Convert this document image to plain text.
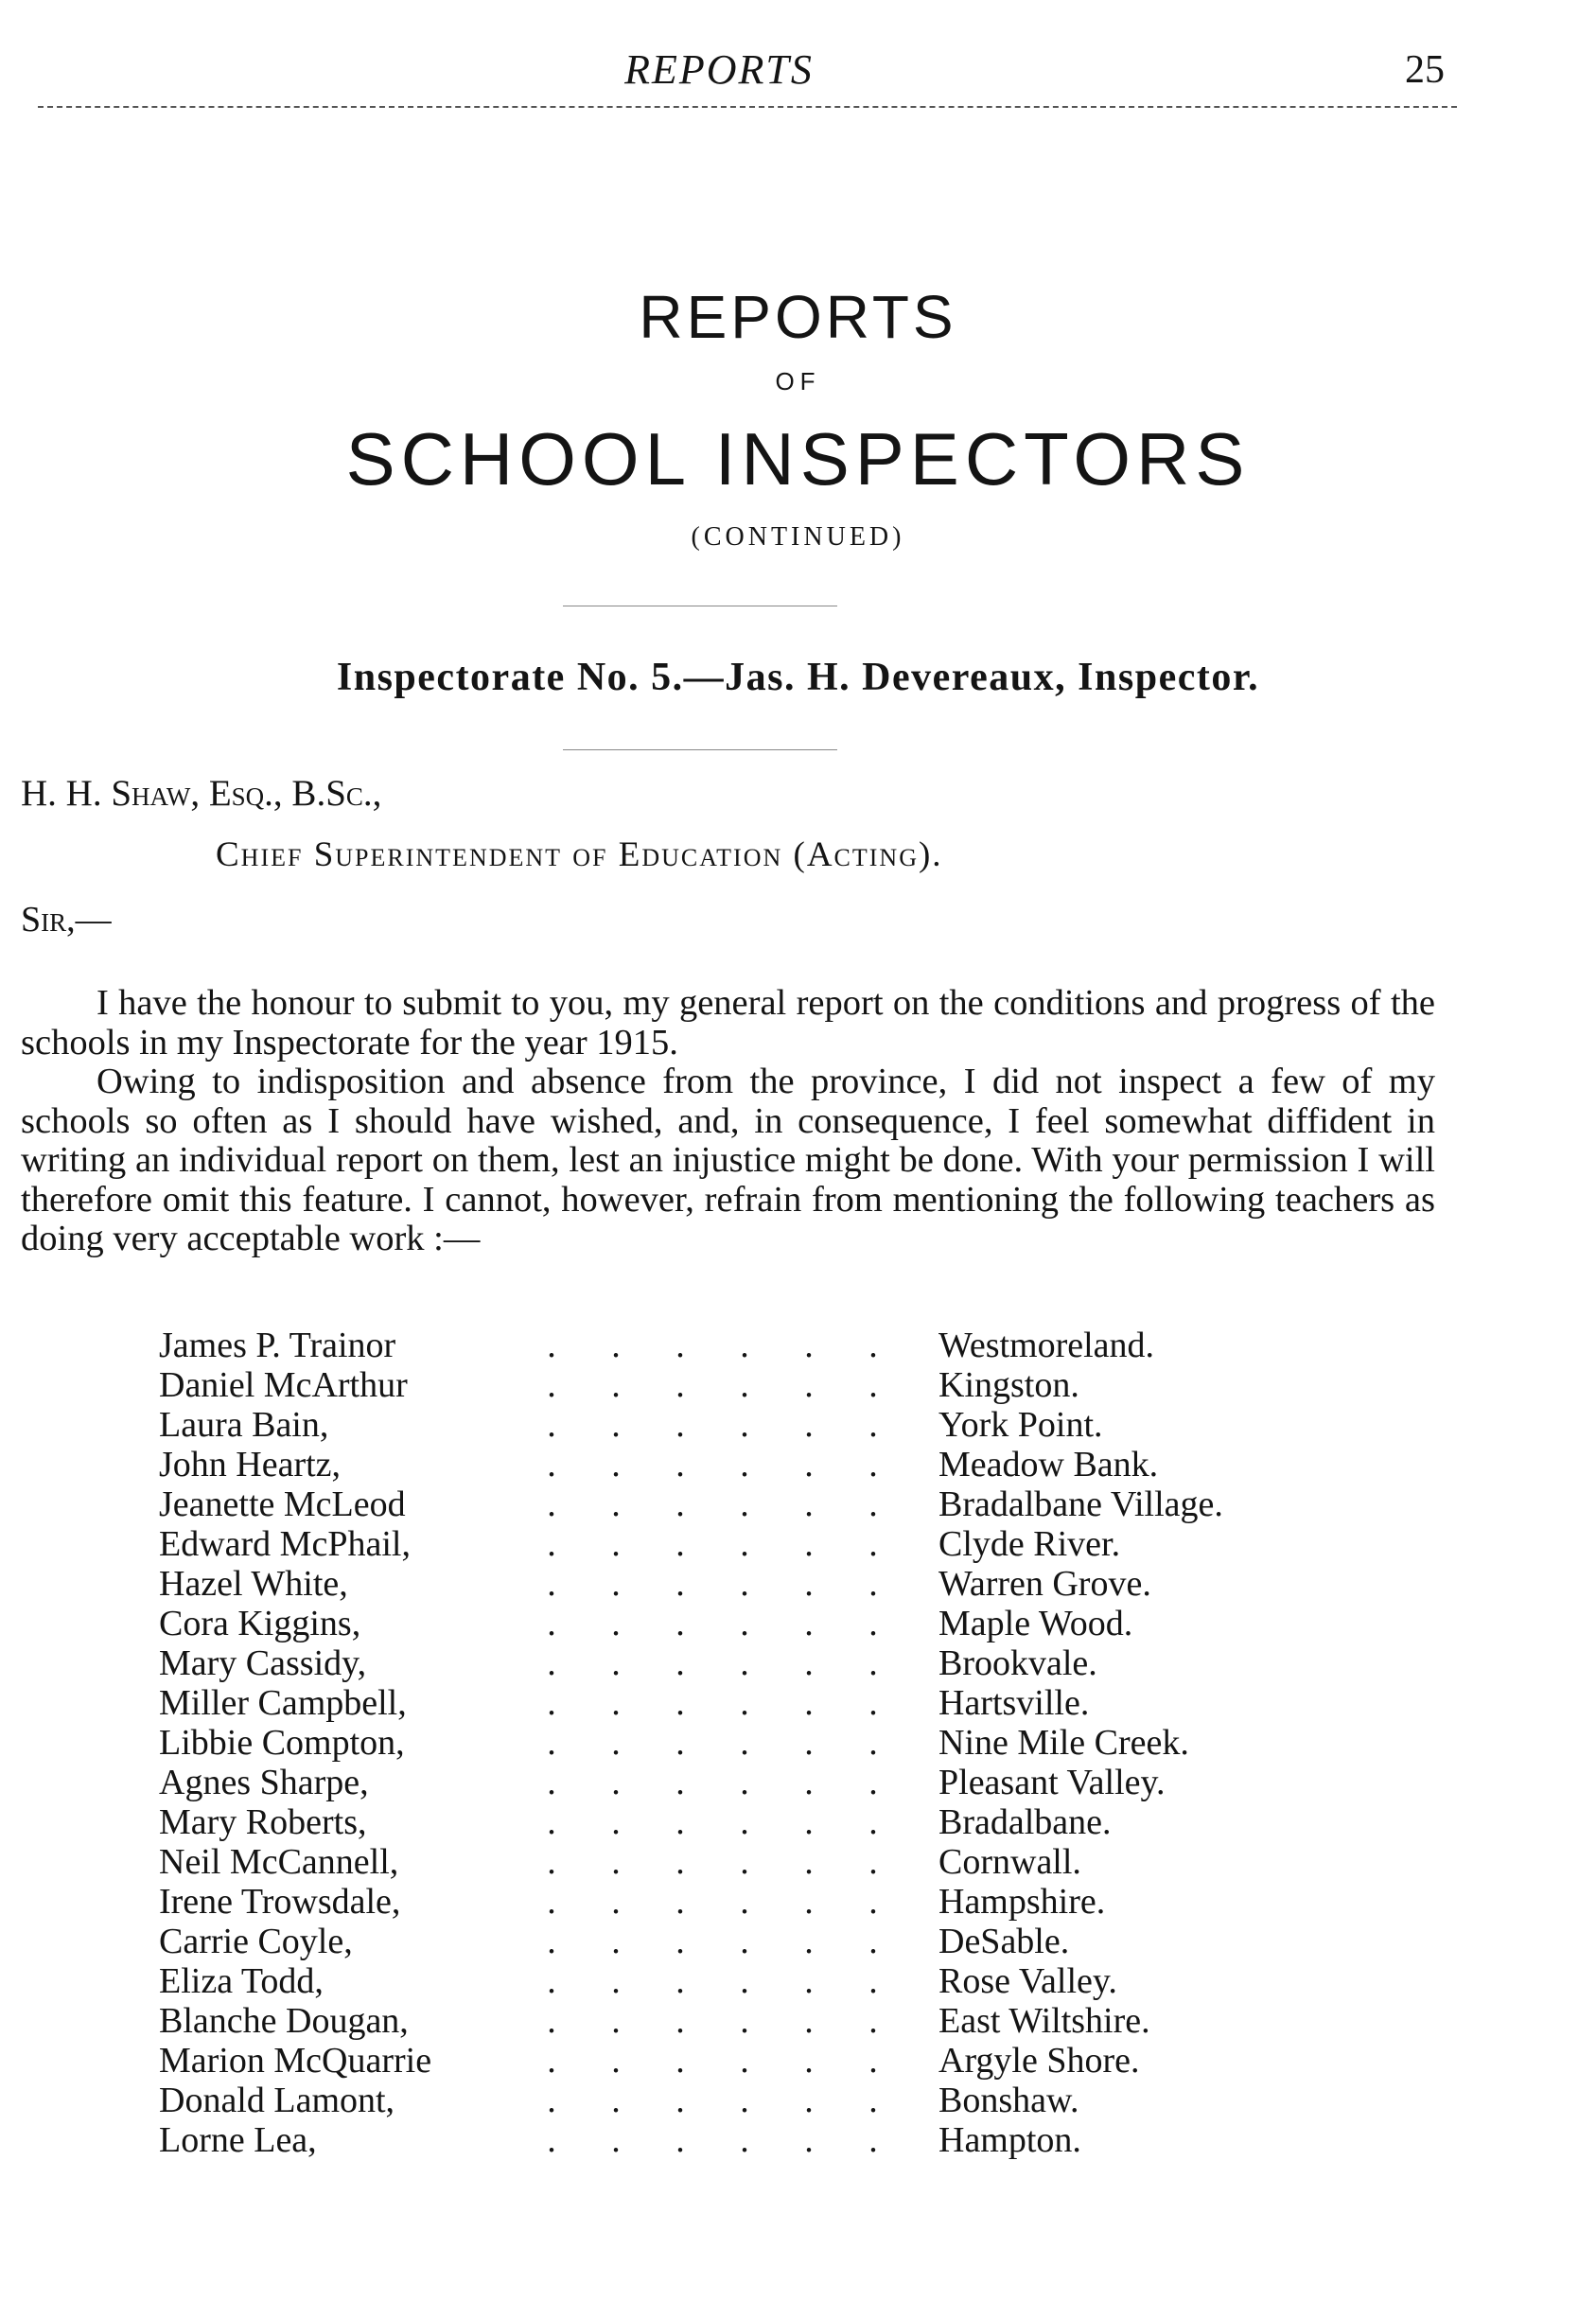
REPORTS	25
REPORTS
OF
SCHOOL INSPECTORS
(CONTINUED)
Inspectorate No. 5.—Jas. H. Devereaux, Inspector.
H. H. Shaw, Esq., B.Sc.,
Chief Superintendent of Education (Acting).
Sir,—

I have the honour to submit to you, my general report on the conditions and progress of the schools in my Inspectorate for the year 1915.

Owing to indisposition and absence from the province, I did not inspect a few of my schools so often as I should have wished, and, in consequence, I feel somewhat diffident in writing an individual report on them, lest an injustice might be done. With your permission I will therefore omit this feature. I cannot, however, refrain from mentioning the following teachers as doing very acceptable work :—

James P. Trainor	. . . . . . Westmoreland.
Daniel McArthur	. . . . . . Kingston.
Laura Bain,	. . . . . . York Point.
John Heartz,	. . . . . . Meadow Bank.
Jeanette McLeod	. . . . . . Bradalbane Village.
Edward McPhail,	. . . . . . Clyde River.
Hazel White,	. . . . . . Warren Grove.
Cora Kiggins,	. . . . . . Maple Wood.
Mary Cassidy,	. . . . . . Brookvale.
Miller Campbell,	. . . . . . Hartsville.
Libbie Compton,	. . . . . . Nine Mile Creek.
Agnes Sharpe,	. . . . . . Pleasant Valley.
Mary Roberts,	. . . . . . Bradalbane.
Neil McCannell,	. . . . . . Cornwall.
Irene Trowsdale,	. . . . . . Hampshire.
Carrie Coyle,	. . . . . . DeSable.
Eliza Todd,	. . . . . . Rose Valley.
Blanche Dougan,	. . . . . . East Wiltshire.
Marion McQuarrie	. . . . . . Argyle Shore.
Donald Lamont,	. . . . . . Bonshaw.
Lorne Lea,	. . . . . . Hampton.
